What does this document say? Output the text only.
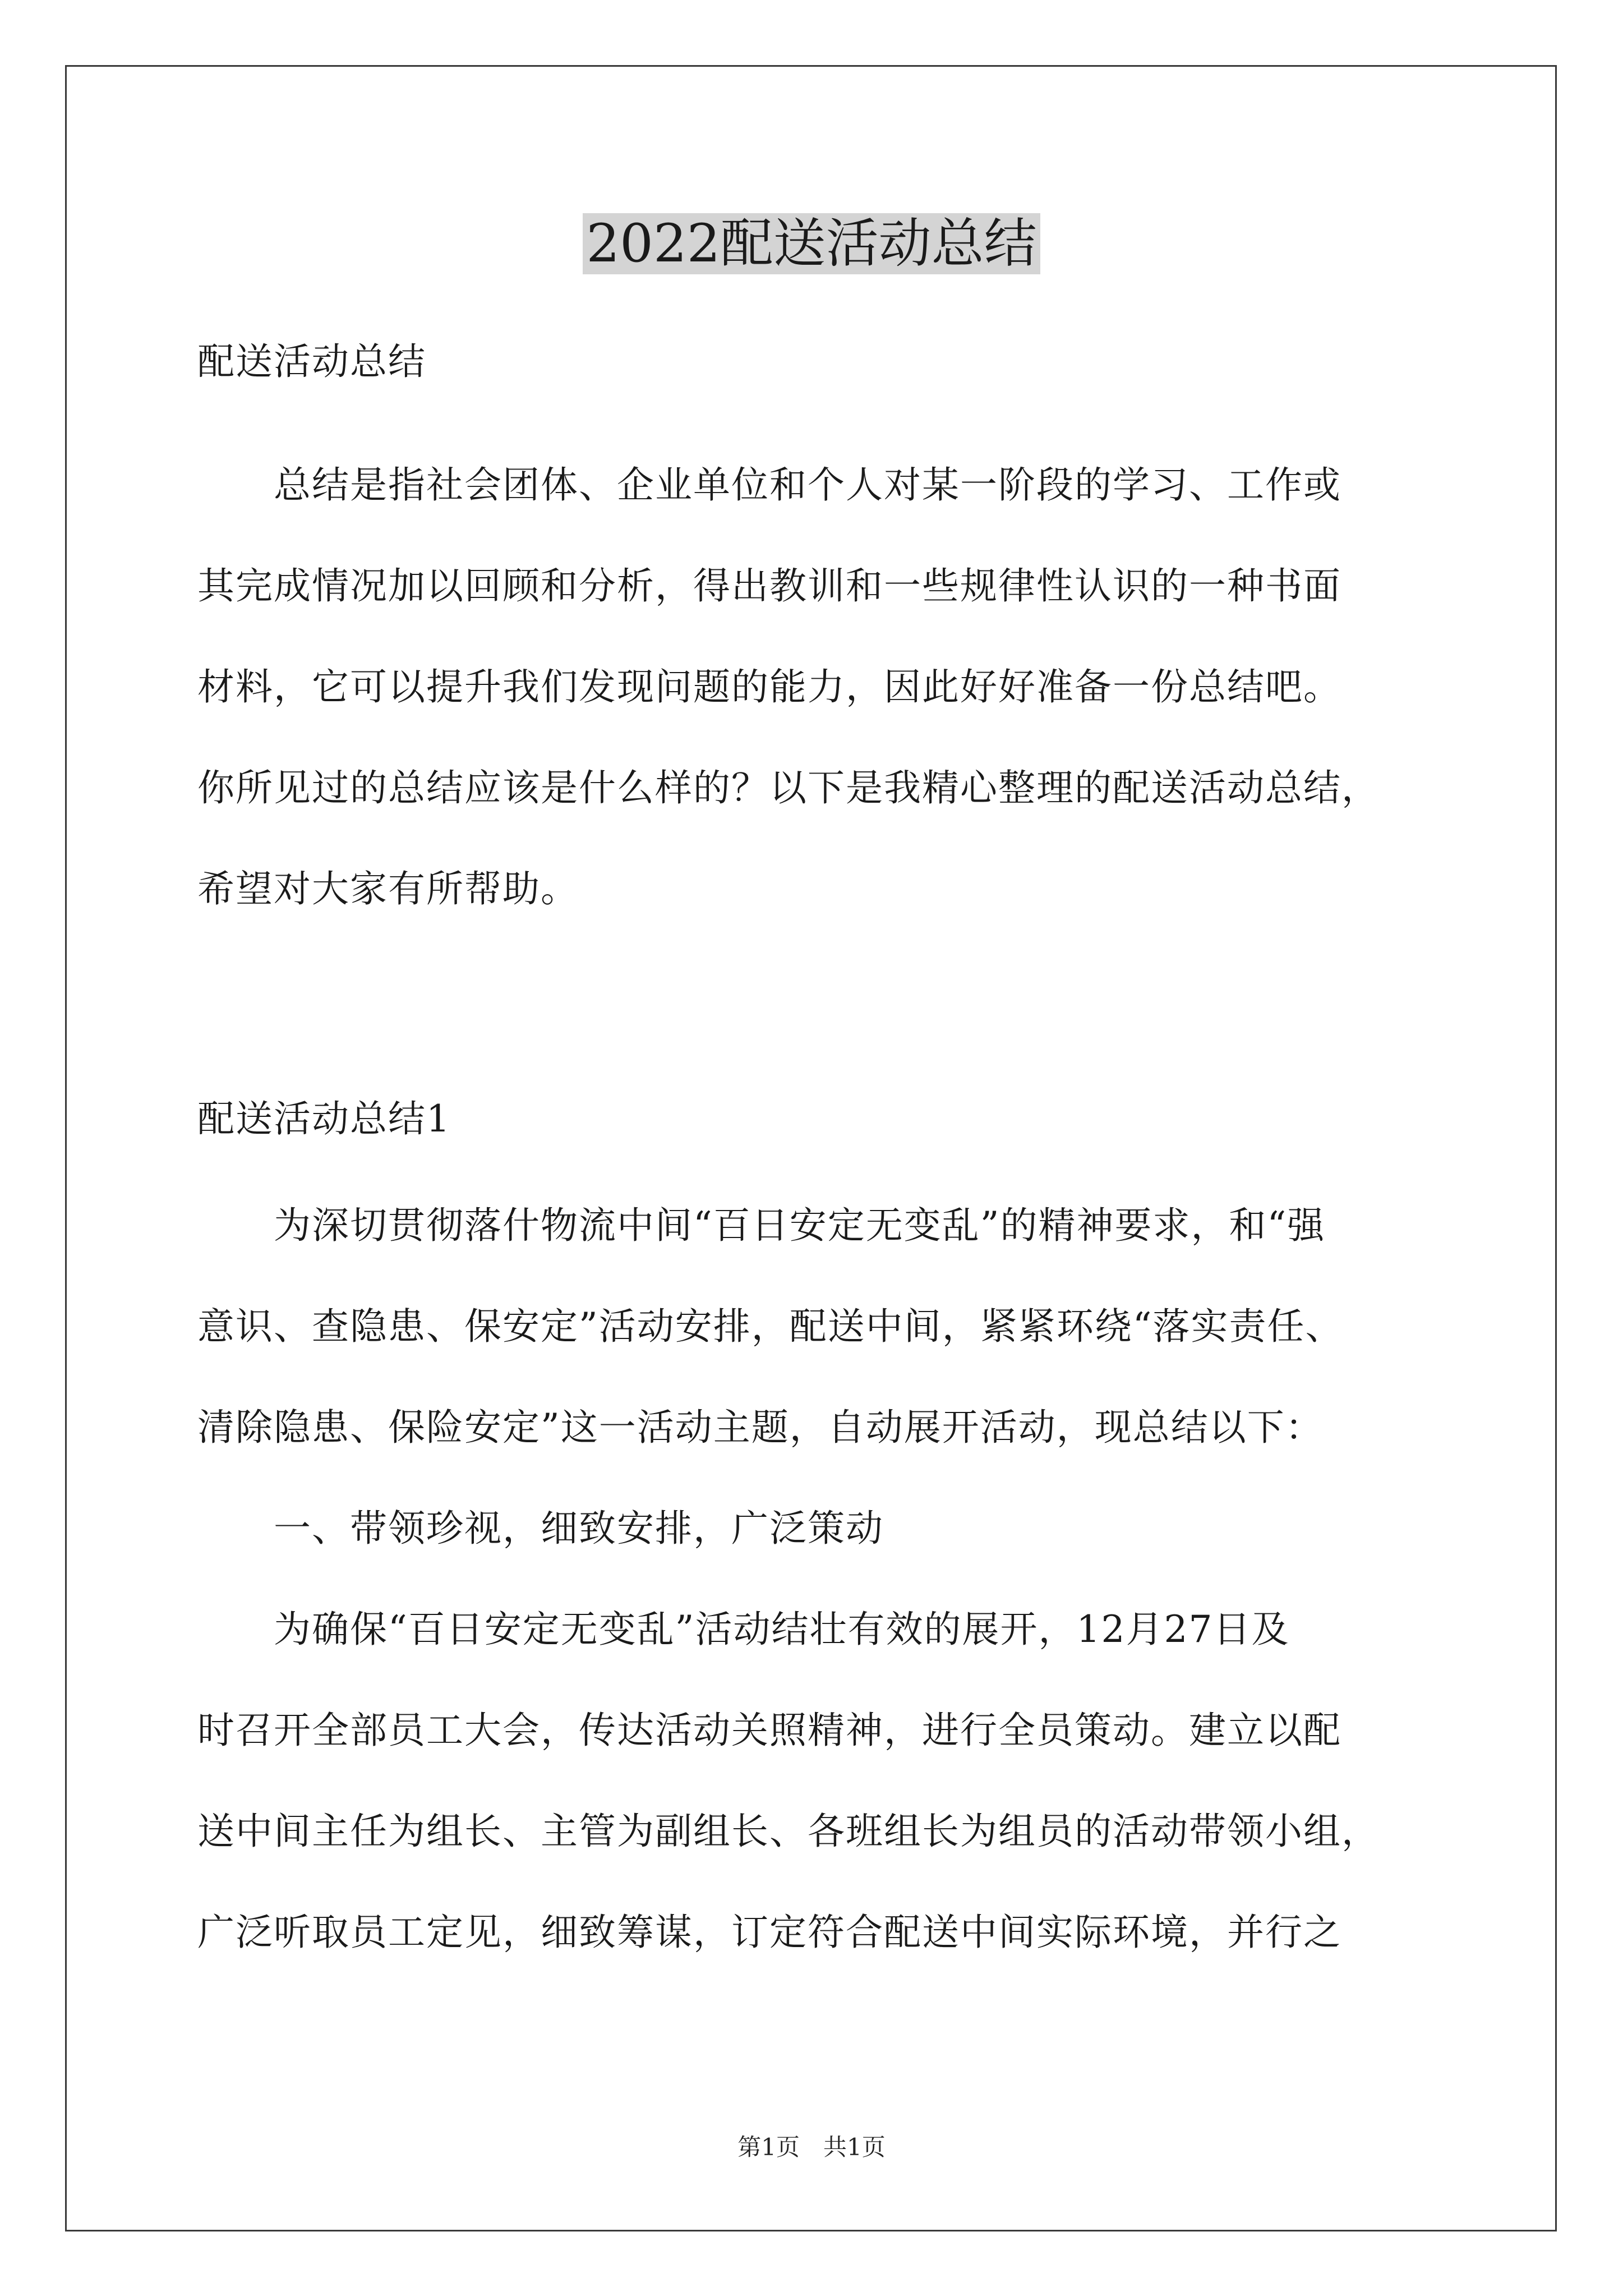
2022配送活动总结
配送活动总结
　　总结是指社会团体、企业单位和个人对某一阶段的学习、工作或
其完成情况加以回顾和分析，得出教训和一些规律性认识的一种书面
材料，它可以提升我们发现问题的能力，因此好好准备一份总结吧。
你所见过的总结应该是什么样的？以下是我精心整理的配送活动总结，
希望对大家有所帮助。
配送活动总结1
　　为深切贯彻落什物流中间“百日安定无变乱”的精神要求，和“强
意识、查隐患、保安定”活动安排，配送中间，紧紧环绕“落实责任、
清除隐患、保险安定”这一活动主题，自动展开活动，现总结以下：
　　一、带领珍视，细致安排，广泛策动
　　为确保“百日安定无变乱”活动结壮有效的展开，12月27日及
时召开全部员工大会，传达活动关照精神，进行全员策动。建立以配
送中间主任为组长、主管为副组长、各班组长为组员的活动带领小组，
广泛听取员工定见，细致筹谋，订定符合配送中间实际环境，并行之
第1页　共1页
